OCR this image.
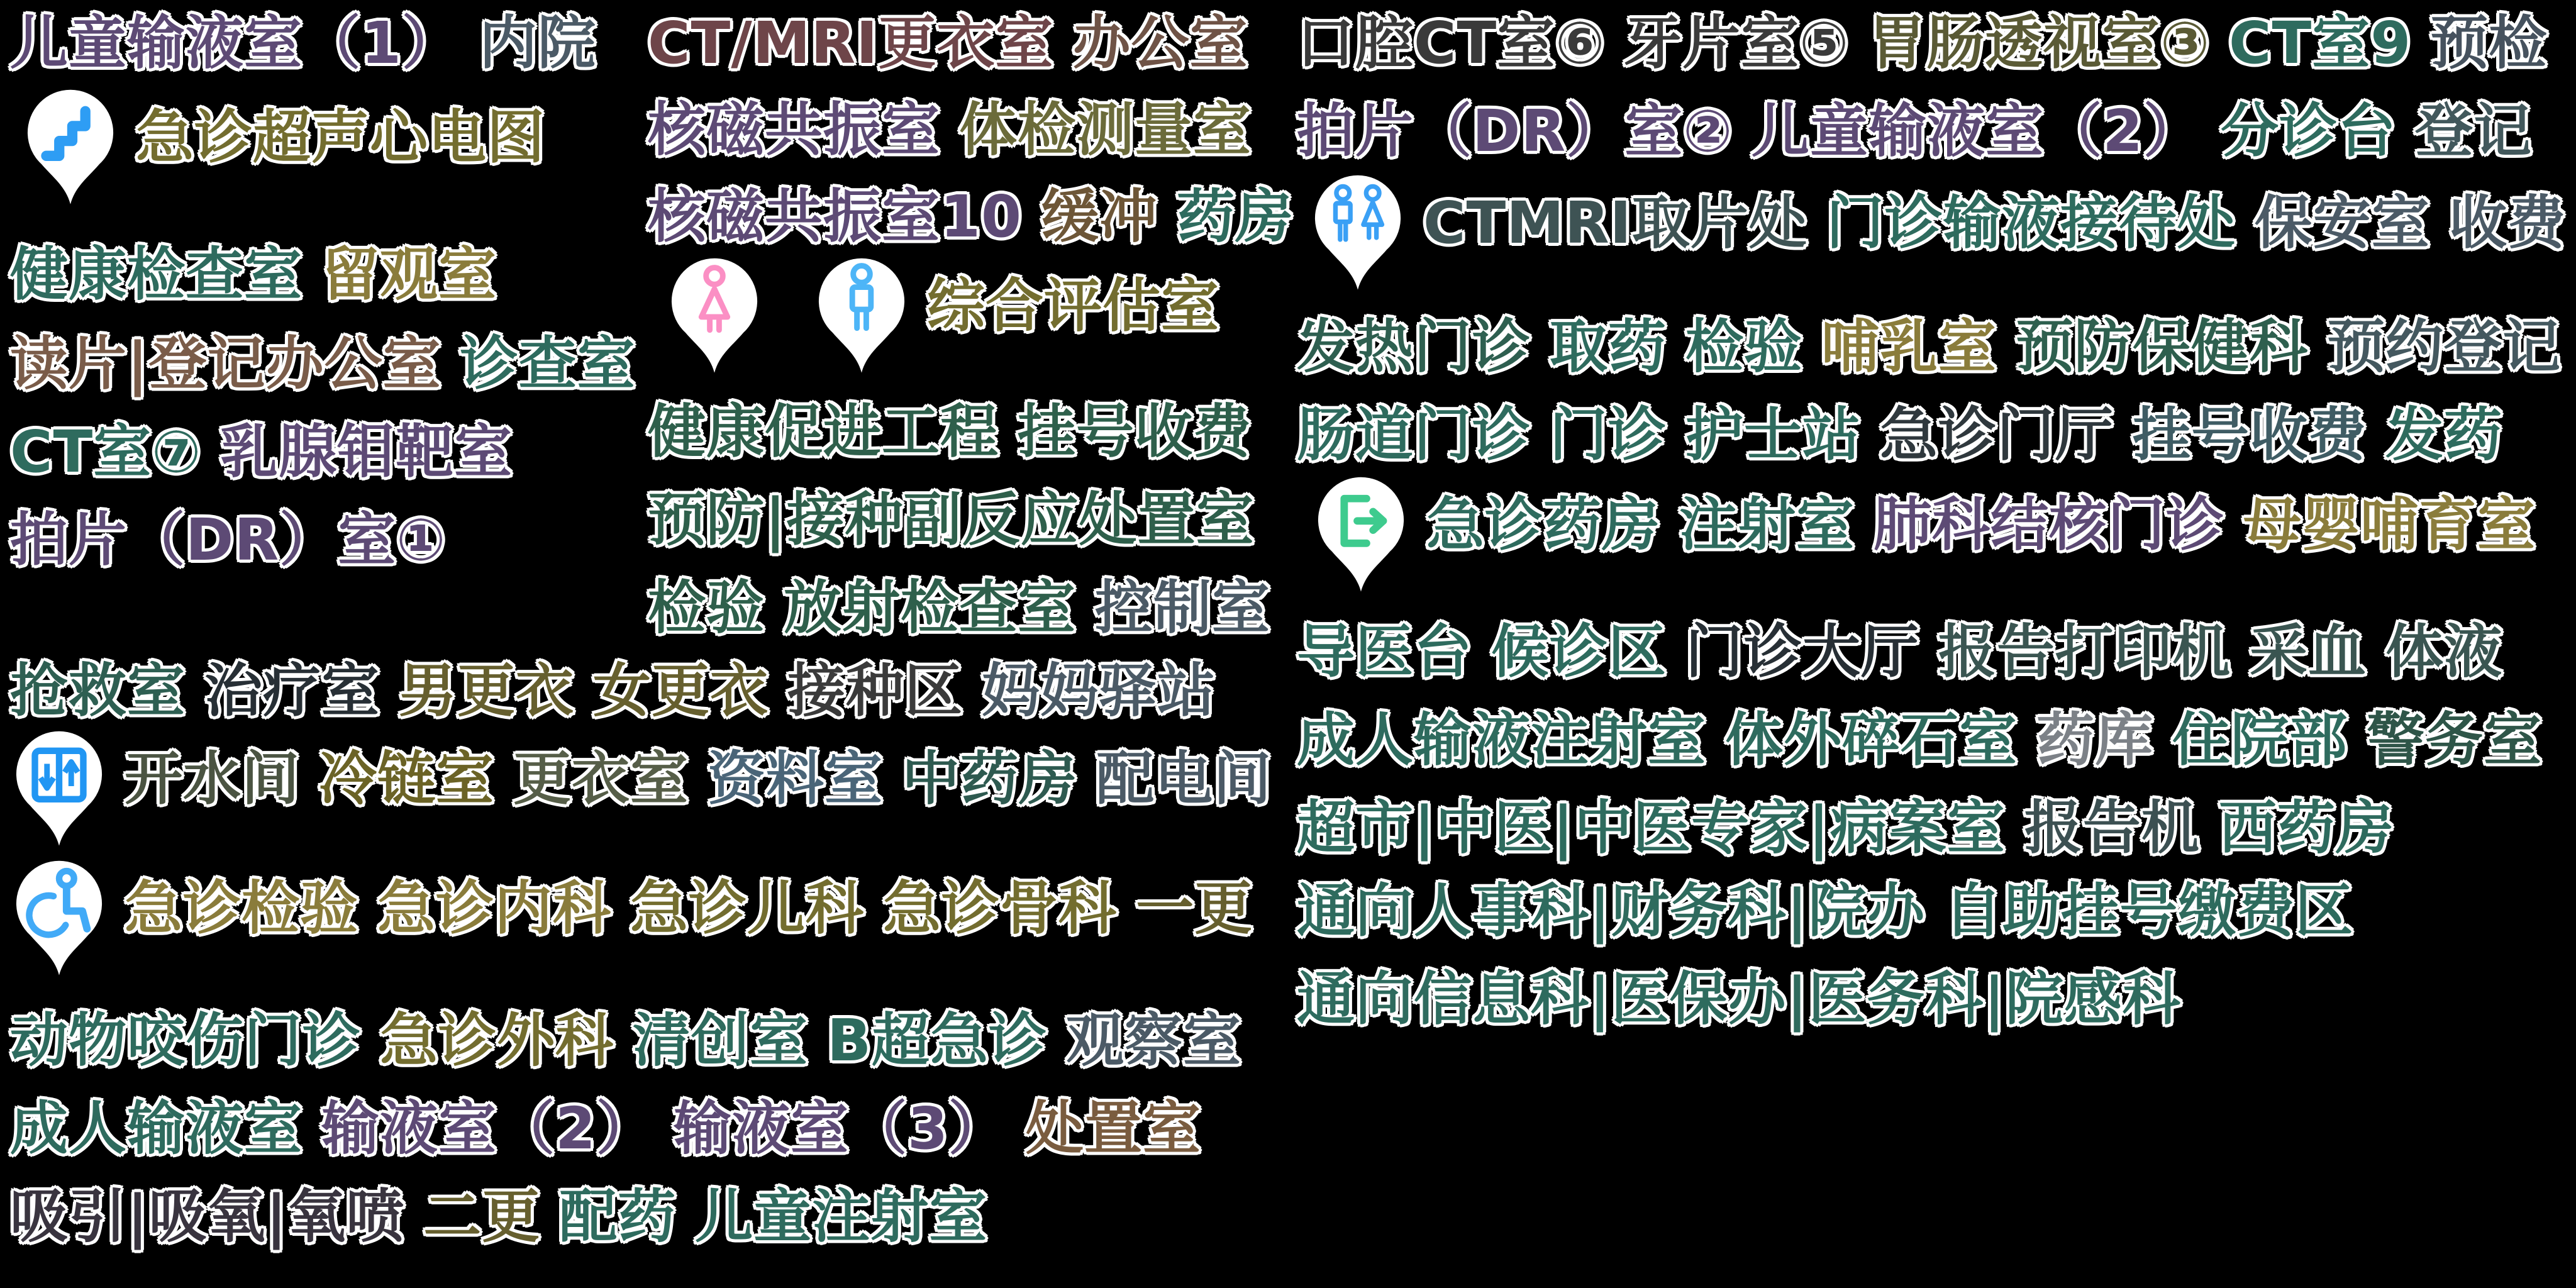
儿童输液室（1） 内院
急诊超声心电图
健康检查室 留观室
读片|登记办公室 诊查室
CT室⑦ 乳腺钼靶室
拍片（DR）室①
抢救室 治疗室 男更衣 女更衣 接种区 妈妈驿站
开水间 冷链室 更衣室 资料室 中药房 配电间
急诊检验 急诊内科 急诊儿科 急诊骨科 一更
动物咬伤门诊 急诊外科 清创室 B超急诊 观察室
成人输液室 输液室（2） 输液室（3） 处置室
吸引|吸氧|氧喷 二更 配药 儿童注射室
CT/MRI更衣室 办公室
核磁共振室 体检测量室
核磁共振室10 缓冲 药房
综合评估室
健康促进工程 挂号收费
预防|接种副反应处置室
检验 放射检查室 控制室
口腔CT室⑥ 牙片室⑤ 胃肠透视室③ CT室9 预检
拍片（DR）室② 儿童输液室（2） 分诊台 登记
CTMRI取片处 门诊输液接待处 保安室 收费
发热门诊 取药 检验 哺乳室 预防保健科 预约登记
肠道门诊 门诊 护士站 急诊门厅 挂号收费 发药
急诊药房 注射室 肺科结核门诊 母婴哺育室
导医台 候诊区 门诊大厅 报告打印机 采血 体液
成人输液注射室 体外碎石室 药库 住院部 警务室
超市|中医|中医专家|病案室 报告机 西药房
通向人事科|财务科|院办 自助挂号缴费区
通向信息科|医保办|医务科|院感科
